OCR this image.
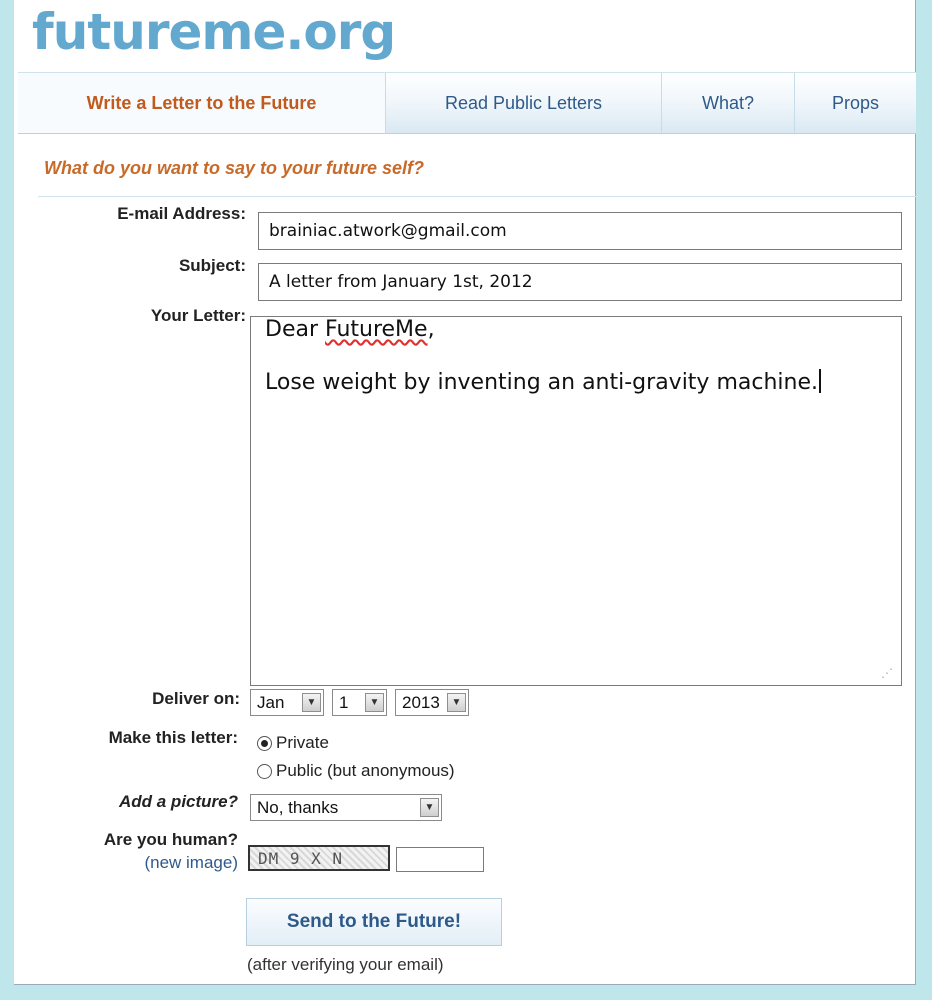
futureme.org
Write a Letter to the Future	Read Public Letters	What?	Props
What do you want to say to your future self?
E-mail Address:
brainiac.atwork@gmail.com
Subject:
A letter from January 1st, 2012
Your Letter:
Dear FutureMe,
Lose weight by inventing an anti-gravity machine.
⋰
Deliver on: Jan	▼ 1	▼ 2013	▼
Make this letter: Private
Public (but anonymous)
Add a picture? No, thanks	▼
Are you human?
(new image)	DM 9 X N
Send to the Future!
(after verifying your email)
